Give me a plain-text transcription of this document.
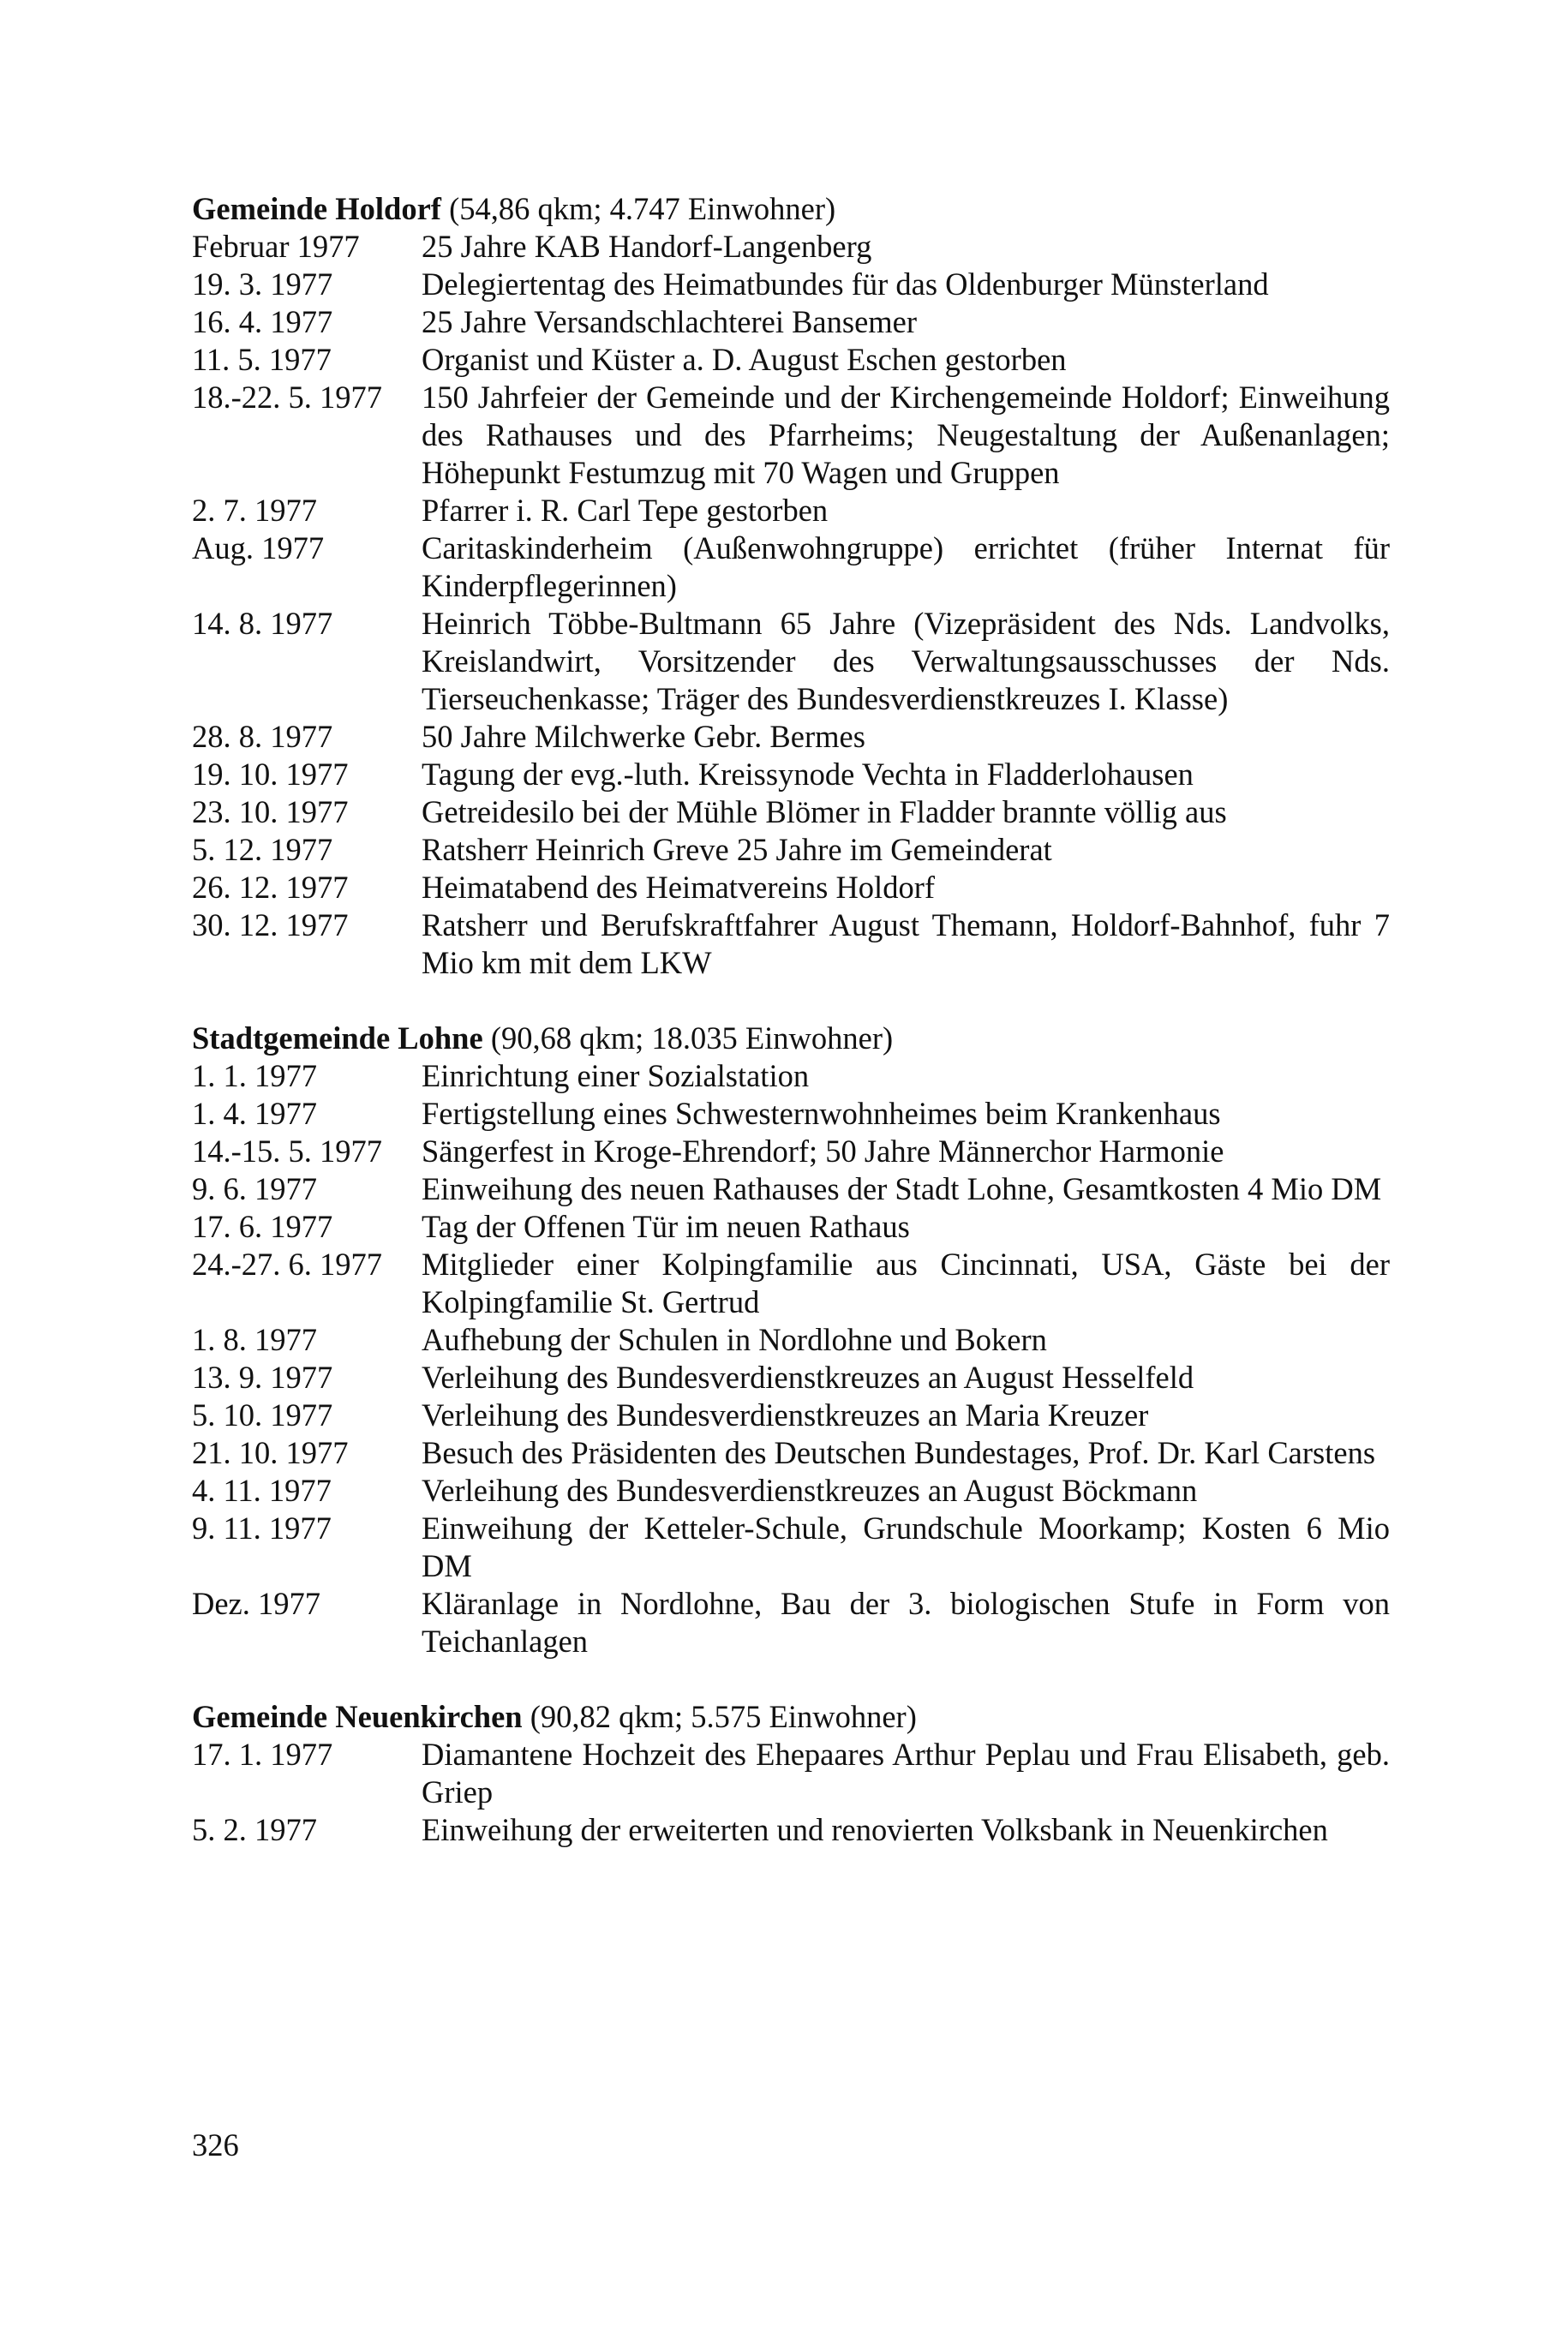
Gemeinde Holdorf (54,86 qkm; 4.747 Einwohner)
Februar 1977	25 Jahre KAB Handorf-Langenberg
19. 3. 1977	Delegiertentag des Heimatbundes für das Oldenburger Münsterland
16. 4. 1977	25 Jahre Versandschlachterei Bansemer
11. 5. 1977	Organist und Küster a. D. August Eschen gestorben
18.-22. 5. 1977	150 Jahrfeier der Gemeinde und der Kirchengemeinde Holdorf; Einweihung des Rathauses und des Pfarrheims; Neugestaltung der Außenanlagen; Höhepunkt Festumzug mit 70 Wagen und Gruppen
2. 7. 1977	Pfarrer i. R. Carl Tepe gestorben
Aug. 1977	Caritaskinderheim (Außenwohngruppe) errichtet (früher Internat für Kinderpflegerinnen)
14. 8. 1977	Heinrich Többe-Bultmann 65 Jahre (Vizepräsident des Nds. Landvolks, Kreislandwirt, Vorsitzender des Verwaltungsausschusses der Nds. Tierseuchenkasse; Träger des Bundesverdienstkreuzes I. Klasse)
28. 8. 1977	50 Jahre Milchwerke Gebr. Bermes
19. 10. 1977	Tagung der evg.-luth. Kreissynode Vechta in Fladderlohausen
23. 10. 1977	Getreidesilo bei der Mühle Blömer in Fladder brannte völlig aus
5. 12. 1977	Ratsherr Heinrich Greve 25 Jahre im Gemeinderat
26. 12. 1977	Heimatabend des Heimatvereins Holdorf
30. 12. 1977	Ratsherr und Berufskraftfahrer August Themann, Holdorf-Bahnhof, fuhr 7 Mio km mit dem LKW
Stadtgemeinde Lohne (90,68 qkm; 18.035 Einwohner)
1. 1. 1977	Einrichtung einer Sozialstation
1. 4. 1977	Fertigstellung eines Schwesternwohnheimes beim Krankenhaus
14.-15. 5. 1977	Sängerfest in Kroge-Ehrendorf; 50 Jahre Männerchor Harmonie
9. 6. 1977	Einweihung des neuen Rathauses der Stadt Lohne, Gesamtkosten 4 Mio DM
17. 6. 1977	Tag der Offenen Tür im neuen Rathaus
24.-27. 6. 1977	Mitglieder einer Kolpingfamilie aus Cincinnati, USA, Gäste bei der Kolpingfamilie St. Gertrud
1. 8. 1977	Aufhebung der Schulen in Nordlohne und Bokern
13. 9. 1977	Verleihung des Bundesverdienstkreuzes an August Hesselfeld
5. 10. 1977	Verleihung des Bundesverdienstkreuzes an Maria Kreuzer
21. 10. 1977	Besuch des Präsidenten des Deutschen Bundestages, Prof. Dr. Karl Carstens
4. 11. 1977	Verleihung des Bundesverdienstkreuzes an August Böckmann
9. 11. 1977	Einweihung der Ketteler-Schule, Grundschule Moorkamp; Kosten 6 Mio DM
Dez. 1977	Kläranlage in Nordlohne, Bau der 3. biologischen Stufe in Form von Teichanlagen
Gemeinde Neuenkirchen (90,82 qkm; 5.575 Einwohner)
17. 1. 1977	Diamantene Hochzeit des Ehepaares Arthur Peplau und Frau Elisabeth, geb. Griep
5. 2. 1977	Einweihung der erweiterten und renovierten Volksbank in Neuenkirchen
326
